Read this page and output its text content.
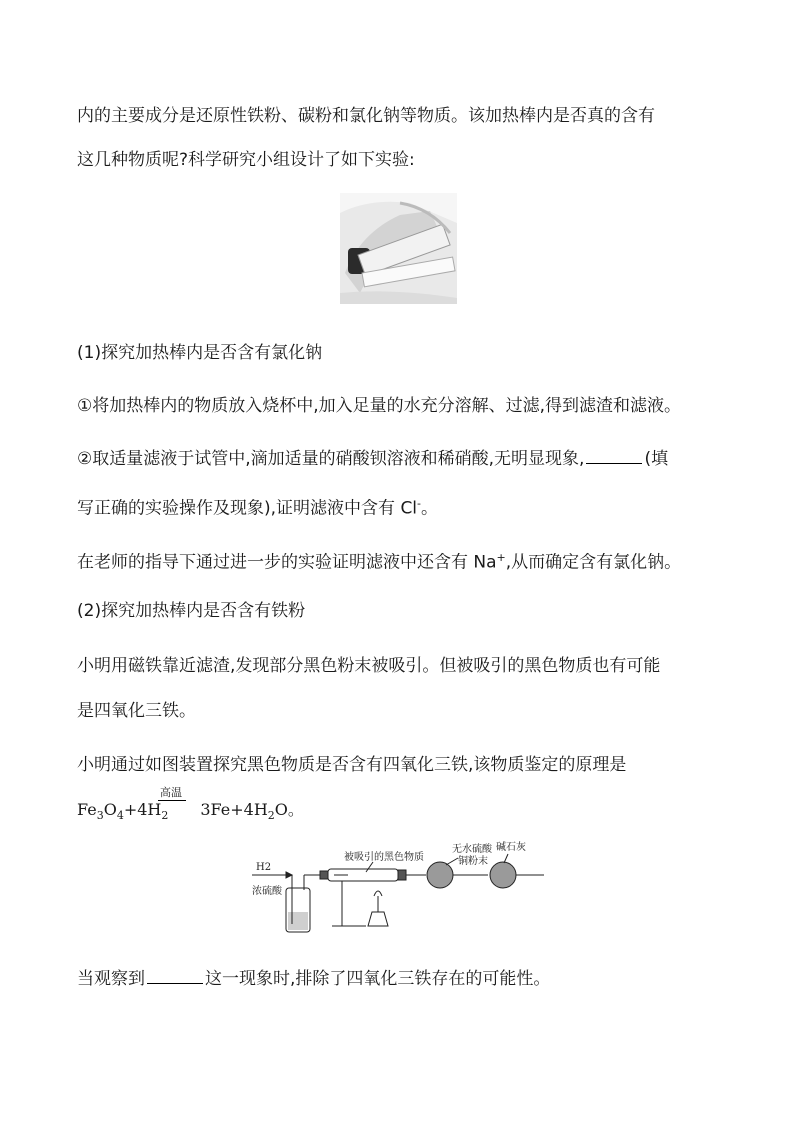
内的主要成分是还原性铁粉、碳粉和氯化钠等物质。该加热棒内是否真的含有
这几种物质呢?科学研究小组设计了如下实验:
(1)探究加热棒内是否含有氯化钠
①将加热棒内的物质放入烧杯中,加入足量的水充分溶解、过滤,得到滤渣和滤液。
②取适量滤液于试管中,滴加适量的硝酸钡溶液和稀硝酸,无明显现象,	(填
写正确的实验操作及现象),证明滤液中含有 Cl-。
在老师的指导下通过进一步的实验证明滤液中还含有 Na+,从而确定含有氯化钠。
(2)探究加热棒内是否含有铁粉
小明用磁铁靠近滤渣,发现部分黑色粉末被吸引。但被吸引的黑色物质也有可能
是四氧化三铁。
小明通过如图装置探究黑色物质是否含有四氧化三铁,该物质鉴定的原理是
$Fe_3O_4+4H_2$ $3Fe+4H_2O$。
高温
H2
浓硫酸
被吸引的黑色物质
无水硫酸
铜粉末
碱石灰
当观察到	这一现象时,排除了四氧化三铁存在的可能性。
